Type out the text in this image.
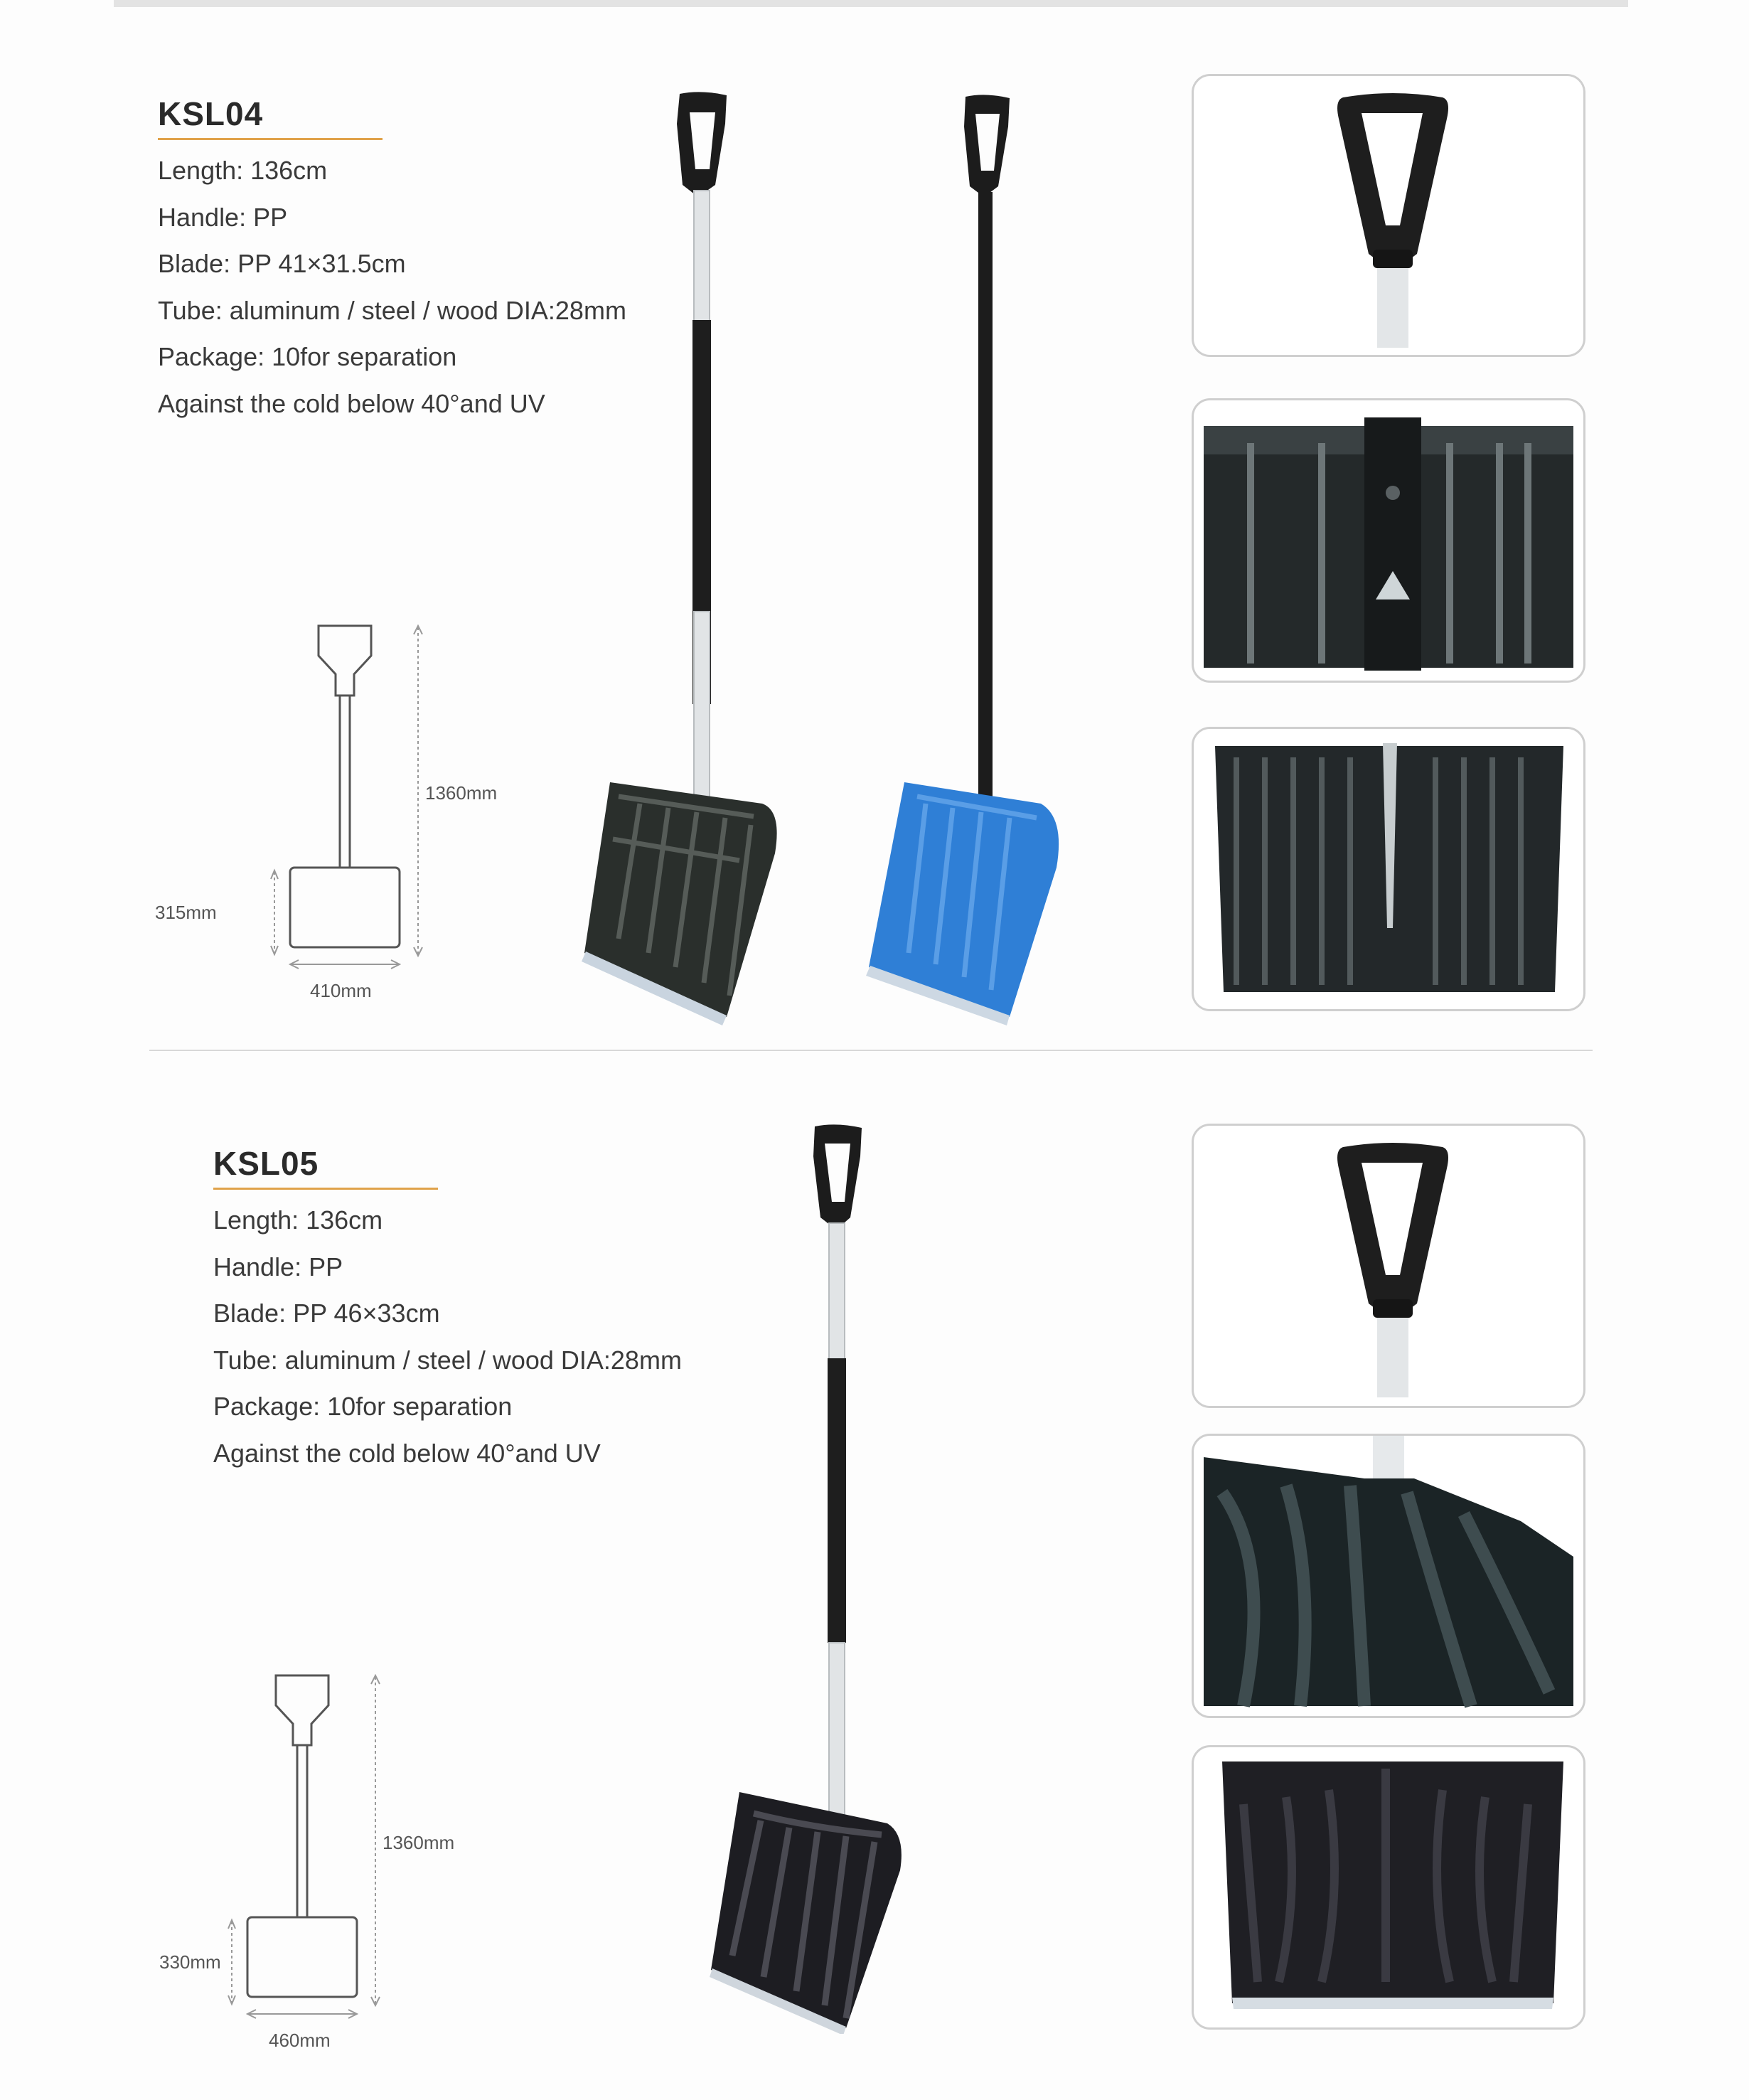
KSL04
Length: 136cm
Handle: PP
Blade: PP 41×31.5cm
Tube: aluminum / steel / wood DIA:28mm
Package: 10for separation
Against the cold below 40°and UV
1360mm
315mm
410mm
KSL05
Length: 136cm
Handle: PP
Blade: PP 46×33cm
Tube: aluminum / steel / wood DIA:28mm
Package: 10for separation
Against the cold below 40°and UV
1360mm
330mm
460mm
